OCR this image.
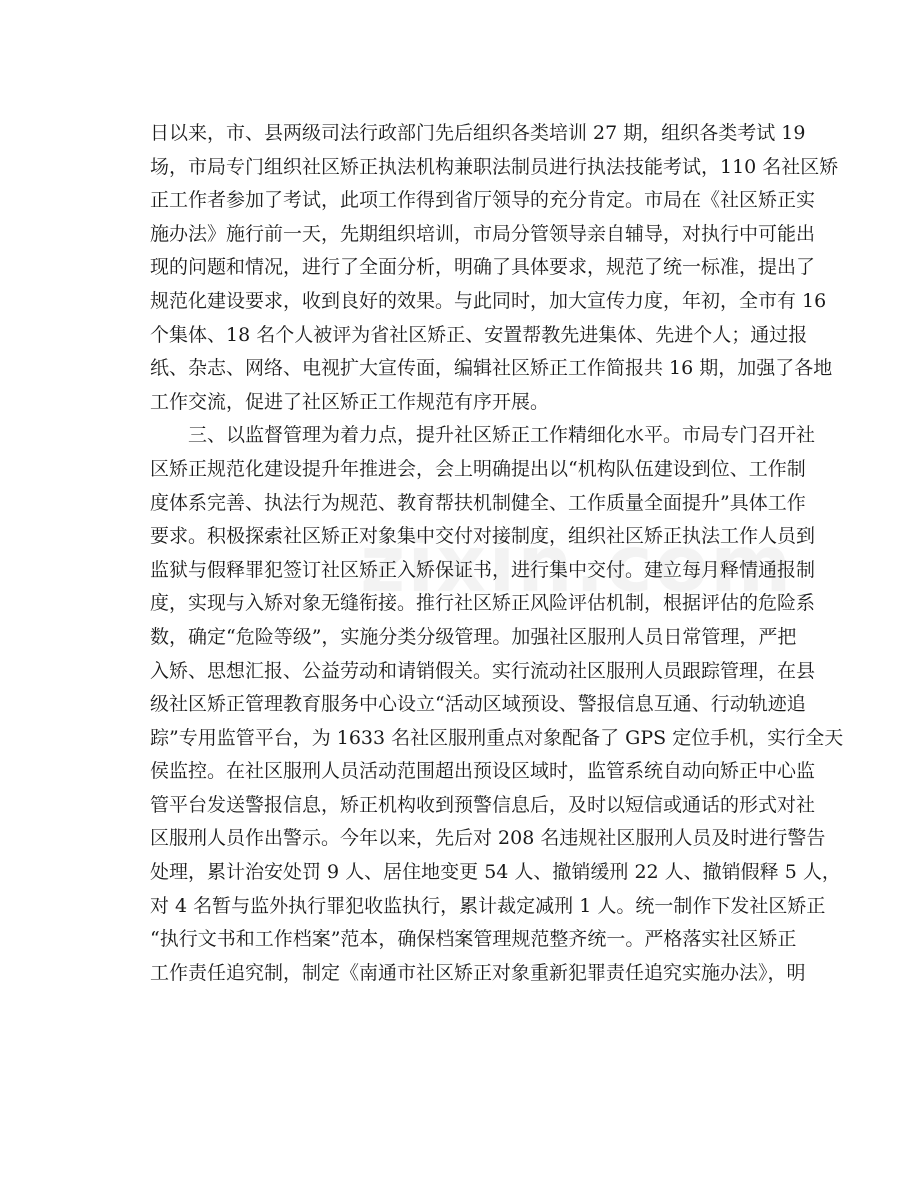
日以来，市、县两级司法行政部门先后组织各类培训 27 期，组织各类考试 19
场，市局专门组织社区矫正执法机构兼职法制员进行执法技能考试，110 名社区矫
正工作者参加了考试，此项工作得到省厅领导的充分肯定。市局在《社区矫正实
施办法》施行前一天，先期组织培训，市局分管领导亲自辅导，对执行中可能出
现的问题和情况，进行了全面分析，明确了具体要求，规范了统一标准，提出了
规范化建设要求，收到良好的效果。与此同时，加大宣传力度，年初，全市有 16
个集体、18 名个人被评为省社区矫正、安置帮教先进集体、先进个人；通过报
纸、杂志、网络、电视扩大宣传面，编辑社区矫正工作简报共 16 期，加强了各地
工作交流，促进了社区矫正工作规范有序开展。
三、以监督管理为着力点，提升社区矫正工作精细化水平。市局专门召开社
区矫正规范化建设提升年推进会，会上明确提出以“机构队伍建设到位、工作制
度体系完善、执法行为规范、教育帮扶机制健全、工作质量全面提升”具体工作
要求。积极探索社区矫正对象集中交付对接制度，组织社区矫正执法工作人员到
监狱与假释罪犯签订社区矫正入矫保证书，进行集中交付。建立每月释情通报制
度，实现与入矫对象无缝衔接。推行社区矫正风险评估机制，根据评估的危险系
数，确定“危险等级”，实施分类分级管理。加强社区服刑人员日常管理，严把
入矫、思想汇报、公益劳动和请销假关。实行流动社区服刑人员跟踪管理，在县
级社区矫正管理教育服务中心设立“活动区域预设、警报信息互通、行动轨迹追
踪”专用监管平台，为 1633 名社区服刑重点对象配备了 GPS 定位手机，实行全天
侯监控。在社区服刑人员活动范围超出预设区域时，监管系统自动向矫正中心监
管平台发送警报信息，矫正机构收到预警信息后，及时以短信或通话的形式对社
区服刑人员作出警示。今年以来，先后对 208 名违规社区服刑人员及时进行警告
处理，累计治安处罚 9 人、居住地变更 54 人、撤销缓刑 22 人、撤销假释 5 人，
对 4 名暂与监外执行罪犯收监执行，累计裁定减刑 1 人。统一制作下发社区矫正
“执行文书和工作档案”范本，确保档案管理规范整齐统一。严格落实社区矫正
工作责任追究制，制定《南通市社区矫正对象重新犯罪责任追究实施办法》，明
